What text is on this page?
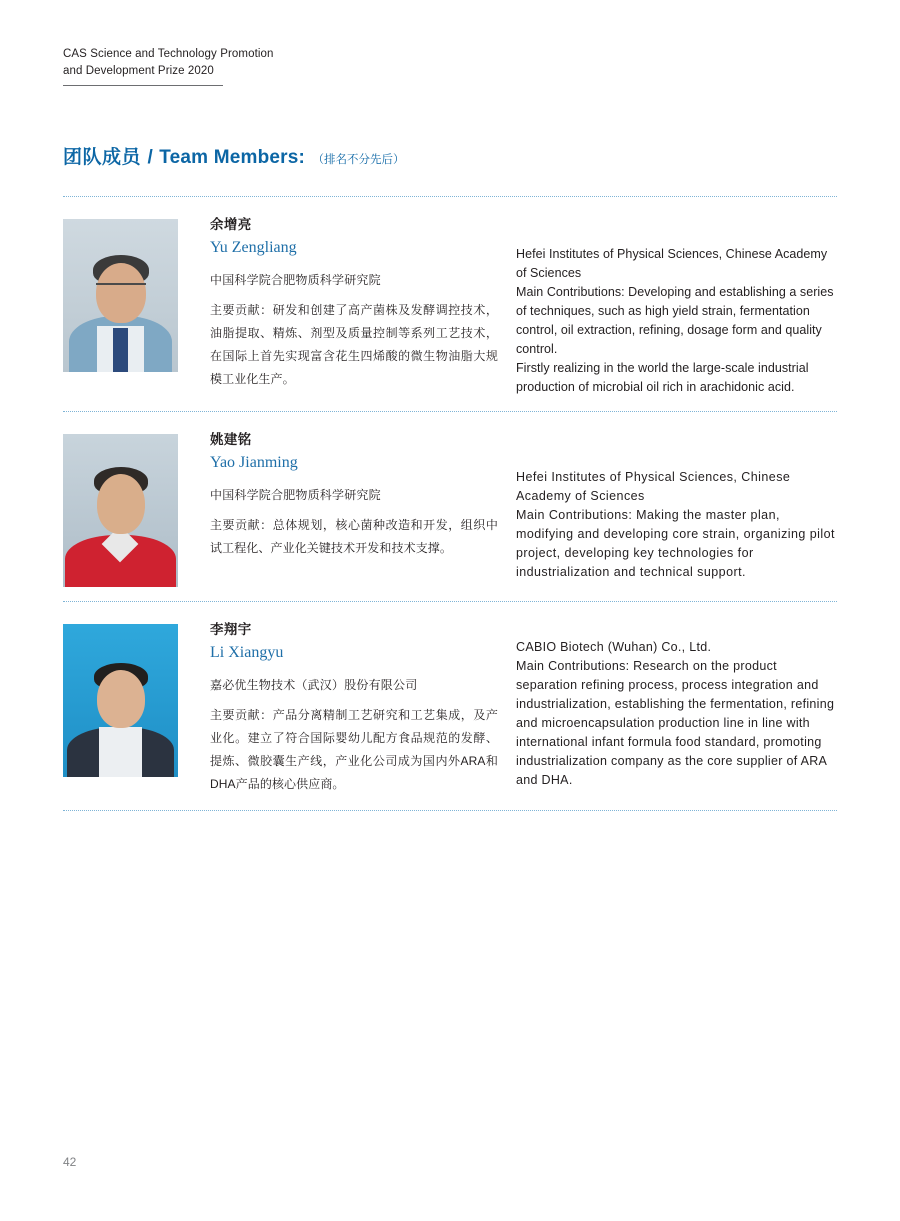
CAS Science and Technology Promotion
and Development Prize 2020
团队成员 / Team Members: （排名不分先后）
余增亮
Yu Zengliang
中国科学院合肥物质科学研究院
主要贡献：研发和创建了高产菌株及发酵调控技术，油脂提取、精炼、剂型及质量控制等系列工艺技术，在国际上首先实现富含花生四烯酸的微生物油脂大规模工业化生产。
Hefei Institutes of Physical Sciences, Chinese Academy of Sciences
Main Contributions: Developing and establishing a series of techniques, such as high yield strain, fermentation control, oil extraction, refining, dosage form and quality control.
Firstly realizing in the world the large-scale industrial production of microbial oil rich in arachidonic acid.
姚建铭
Yao Jianming
中国科学院合肥物质科学研究院
主要贡献：总体规划，核心菌种改造和开发，组织中试工程化、产业化关键技术开发和技术支撑。
Hefei Institutes of Physical Sciences, Chinese Academy of Sciences
Main Contributions: Making the master plan, modifying and developing core strain, organizing pilot project, developing key technologies for industrialization and technical support.
李翔宇
Li Xiangyu
嘉必优生物技术（武汉）股份有限公司
主要贡献：产品分离精制工艺研究和工艺集成，及产业化。建立了符合国际婴幼儿配方食品规范的发酵、提炼、微胶囊生产线，产业化公司成为国内外ARA和DHA产品的核心供应商。
CABIO Biotech (Wuhan) Co., Ltd.
Main Contributions: Research on the product separation refining process, process integration and industrialization, establishing the fermentation, refining and microencapsulation production line in line with international infant formula food standard, promoting industrialization company as the core supplier of ARA and DHA.
42
